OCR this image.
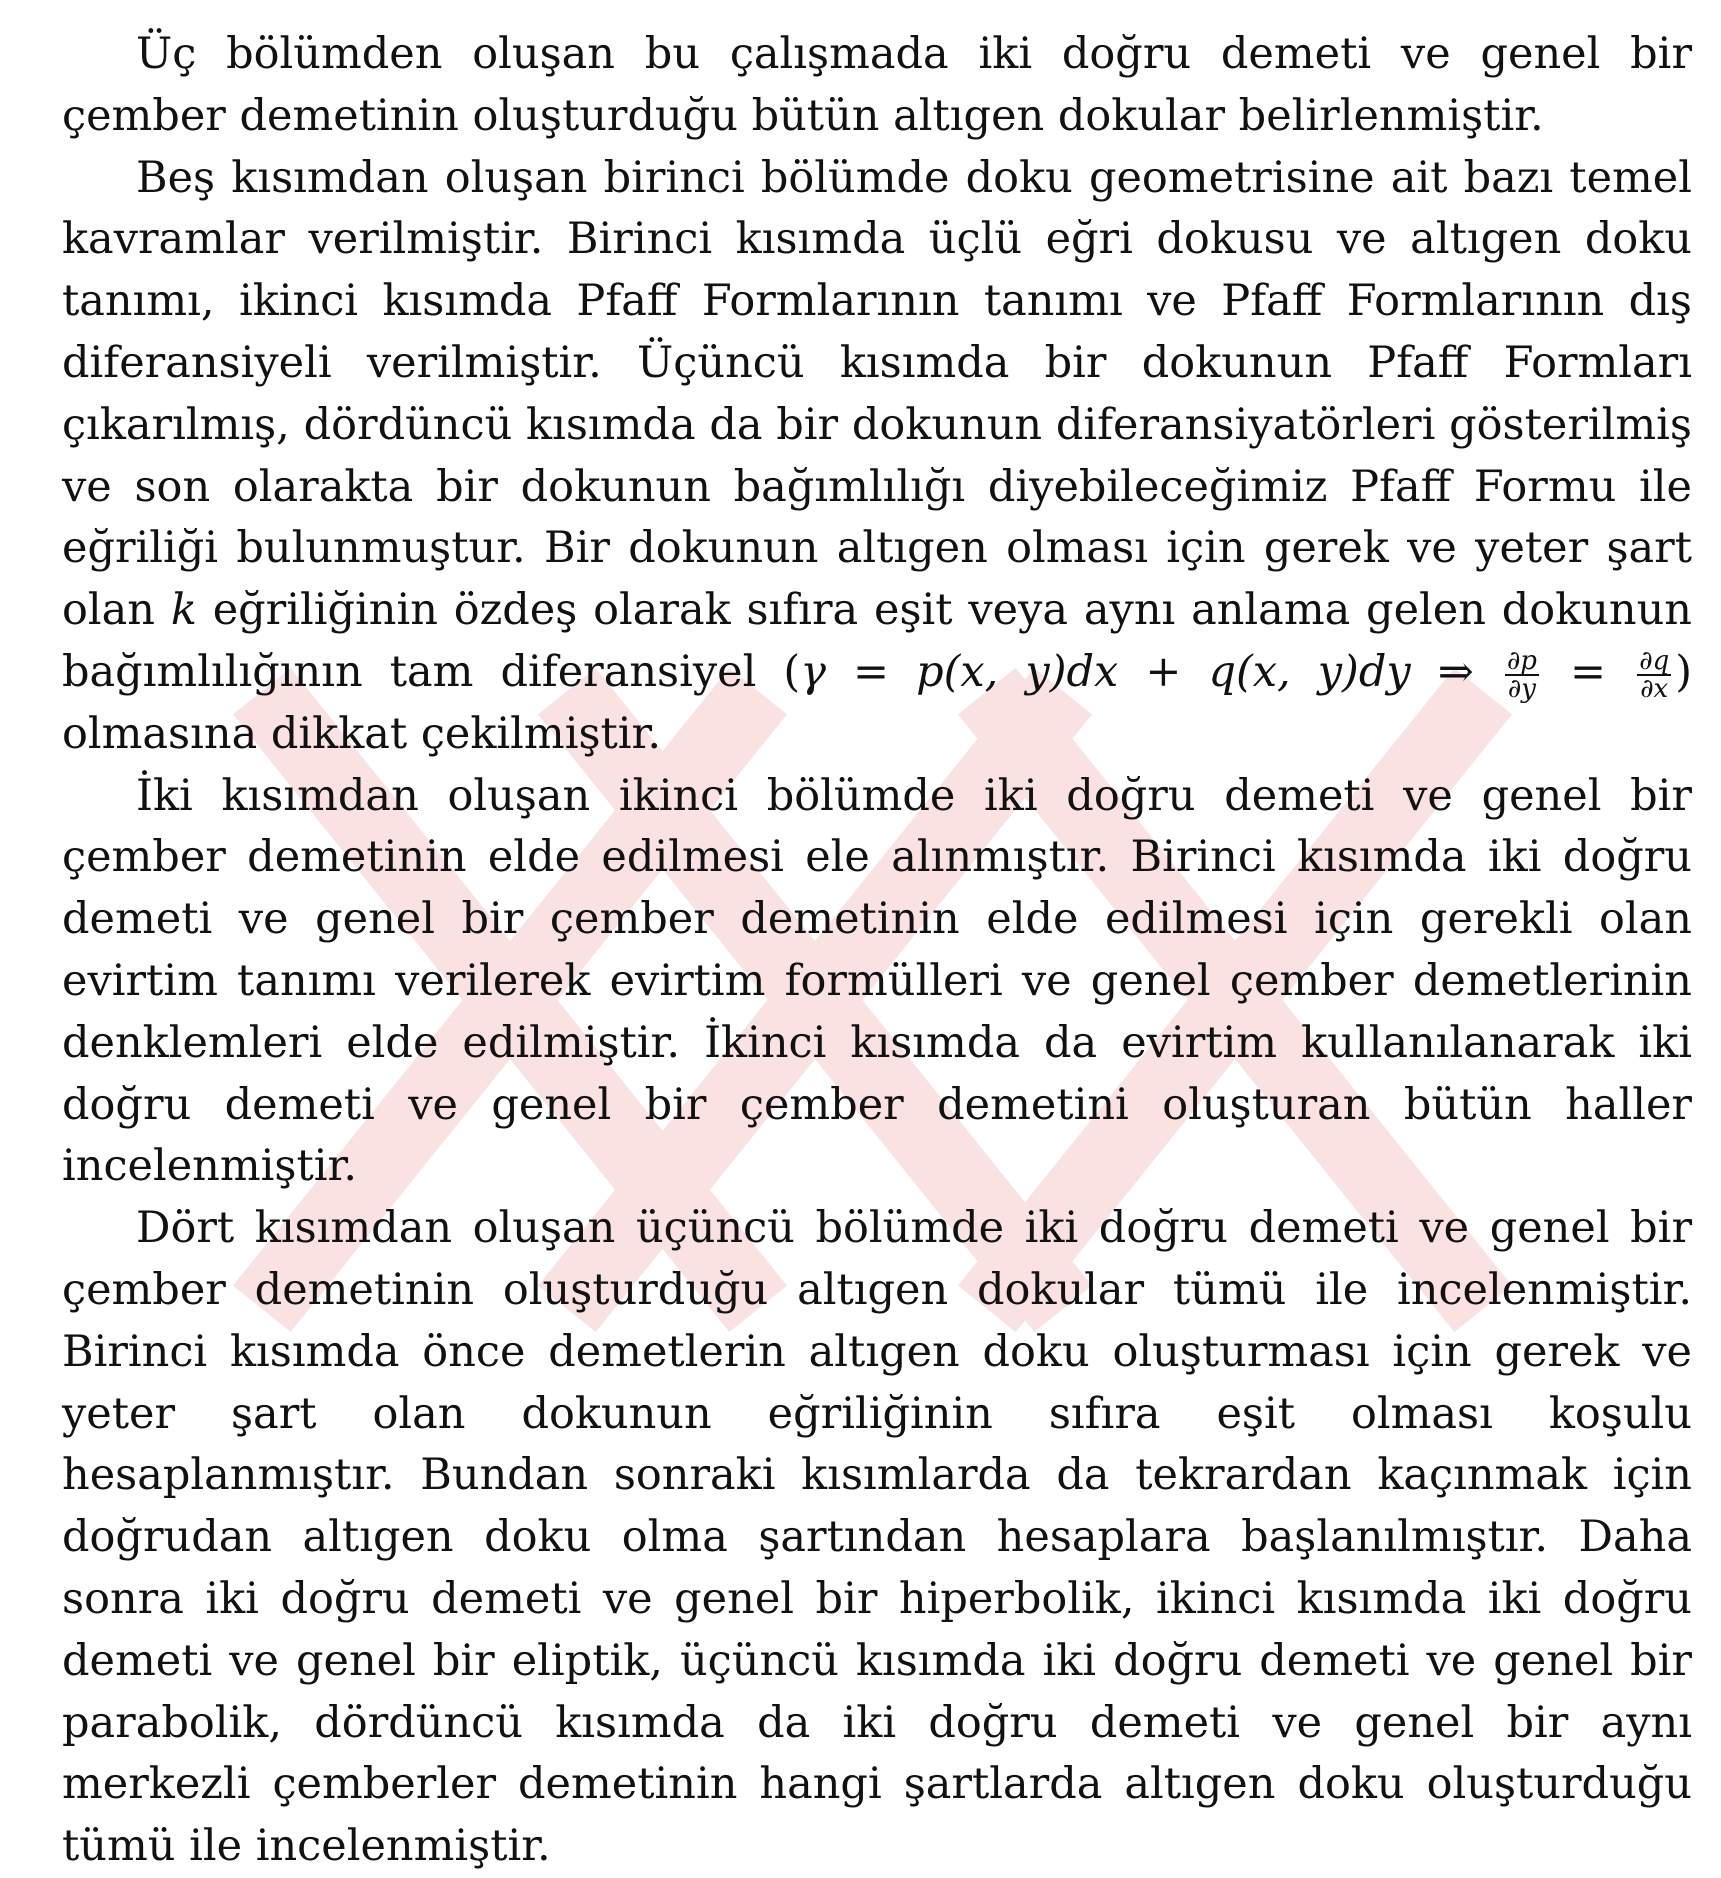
Üç bölümden oluşan bu çalışmada iki doğru demeti ve genel bir çember demetinin oluşturduğu bütün altıgen dokular belirlenmiştir.

Beş kısımdan oluşan birinci bölümde doku geometrisine ait bazı temel kavramlar verilmiştir. Birinci kısımda üçlü eğri dokusu ve altıgen doku tanımı, ikinci kısımda Pfaff Formlarının tanımı ve Pfaff Formlarının dış diferansiyeli verilmiştir. Üçüncü kısımda bir dokunun Pfaff Formları çıkarılmış, dördüncü kısımda da bir dokunun diferansiyatörleri gösterilmiş ve son olarakta bir dokunun bağımlılığı diyebileceğimiz Pfaff Formu ile eğriliği bulunmuştur. Bir dokunun altıgen olması için gerek ve yeter şart olan k eğriliğinin özdeş olarak sıfıra eşit veya aynı anlama gelen dokunun bağımlılığının tam diferansiyel (γ = p(x, y)dx + q(x, y)dy ⇒ $\frac{\partial p}{\partial y} = \frac{\partial q}{\partial x}$ ) olmasına dikkat çekilmiştir.

İki kısımdan oluşan ikinci bölümde iki doğru demeti ve genel bir çember demetinin elde edilmesi ele alınmıştır. Birinci kısımda iki doğru demeti ve genel bir çember demetinin elde edilmesi için gerekli olan evirtim tanımı verilerek evirtim formülleri ve genel çember demetlerinin denklemleri elde edilmiştir. İkinci kısımda da evirtim kullanılanarak iki doğru demeti ve genel bir çember demetini oluşturan bütün haller incelenmiştir.

Dört kısımdan oluşan üçüncü bölümde iki doğru demeti ve genel bir çember demetinin oluşturduğu altıgen dokular tümü ile incelenmiştir. Birinci kısımda önce demetlerin altıgen doku oluşturması için gerek ve yeter şart olan dokunun eğriliğinin sıfıra eşit olması koşulu hesaplanmıştır. Bundan sonraki kısımlarda da tekrardan kaçınmak için doğrudan altıgen doku olma şartından hesaplara başlanılmıştır. Daha sonra iki doğru demeti ve genel bir hiperbolik, ikinci kısımda iki doğru demeti ve genel bir eliptik, üçüncü kısımda iki doğru demeti ve genel bir parabolik, dördüncü kısımda da iki doğru demeti ve genel bir aynı merkezli çemberler demetinin hangi şartlarda altıgen doku oluşturduğu tümü ile incelenmiştir.
